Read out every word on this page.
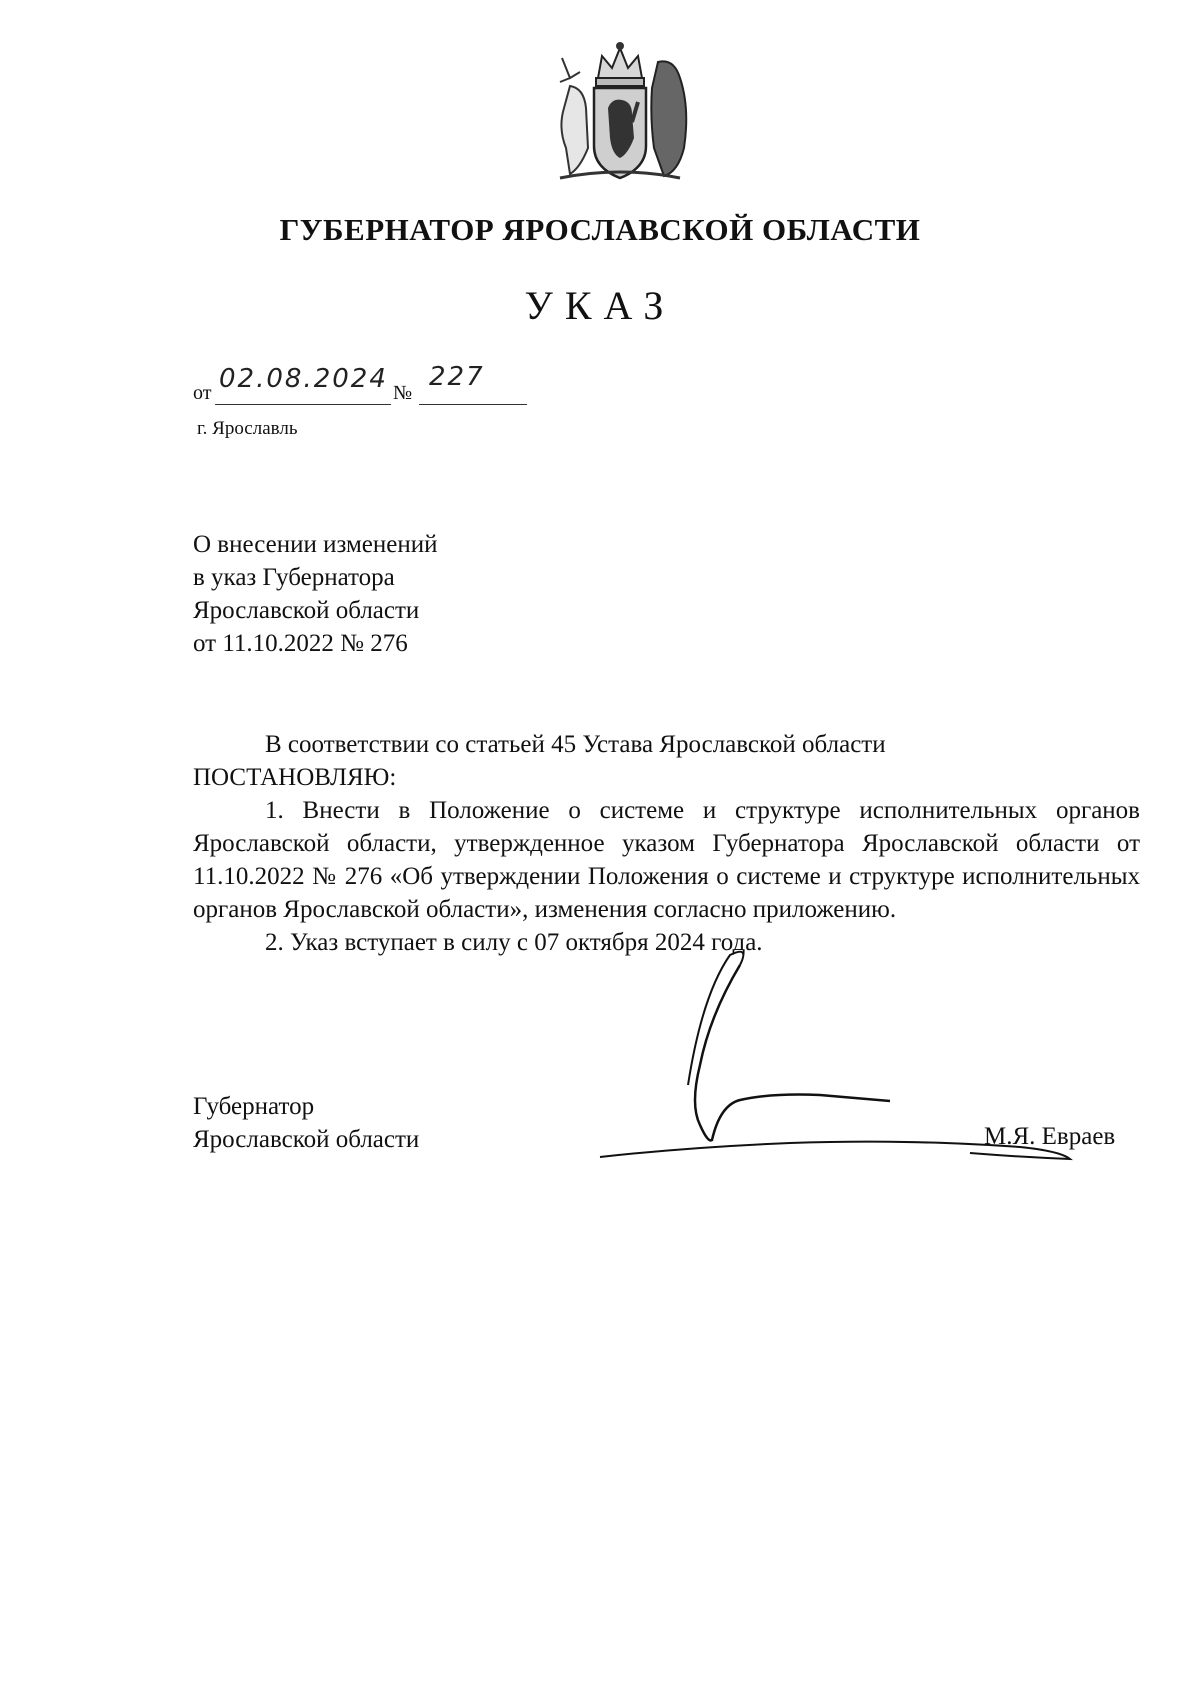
ГУБЕРНАТОР ЯРОСЛАВСКОЙ ОБЛАСТИ
УКАЗ
от 02.08.2024 №
227
г. Ярославль
О внесении изменений
в указ Губернатора
Ярославской области
от 11.10.2022 № 276

В соответствии со статьей 45 Устава Ярославской области

ПОСТАНОВЛЯЮ:

1. Внести в Положение о системе и структуре исполнительных органов Ярославской области, утвержденное указом Губернатора Ярославской области от 11.10.2022 № 276 «Об утверждении Положения о системе и структуре исполнительных органов Ярославской области», изменения согласно приложению.

2. Указ вступает в силу с 07 октября 2024 года.

Губернатор
Ярославской области	М.Я. Евраев
